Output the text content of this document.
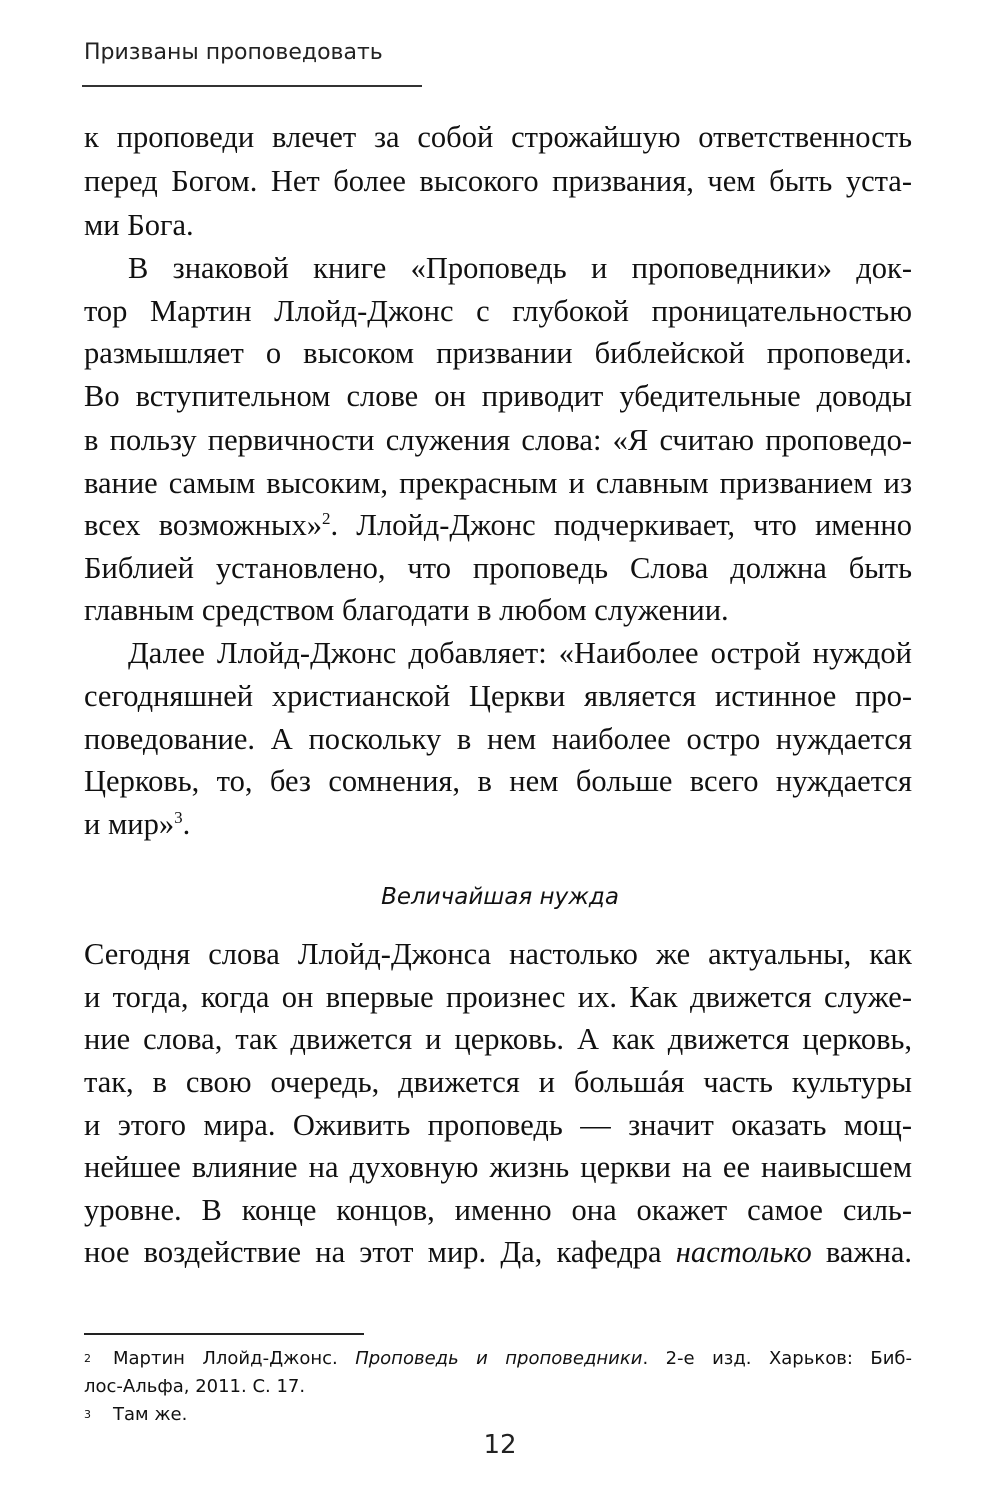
Призваны проповедовать
к проповеди влечет за собой строжайшую ответственность
перед Богом. Нет более высокого призвания, чем быть уста-
ми Бога.
В знаковой книге «Проповедь и проповедники» док-
тор Мартин Ллойд-Джонс с глубокой проницательностью
размышляет о высоком призвании библейской проповеди.
Во вступительном слове он приводит убедительные доводы
в пользу первичности служения слова: «Я считаю проповедо-
вание самым высоким, прекрасным и славным призванием из
всех возможных»$^2$. Ллойд-Джонс подчеркивает, что именно
Библией установлено, что проповедь Слова должна быть
главным средством благодати в любом служении.
Далее Ллойд-Джонс добавляет: «Наиболее острой нуждой
сегодняшней христианской Церкви является истинное про-
поведование. А поскольку в нем наиболее остро нуждается
Церковь, то, без сомнения, в нем больше всего нуждается
и мир»$^3$.
Сегодня слова Ллойд-Джонса настолько же актуальны, как
и тогда, когда он впервые произнес их. Как движется служе-
ние слова, так движется и церковь. А как движется церковь,
так, в свою очередь, движется и большáя часть культуры
и этого мира. Оживить проповедь — значит оказать мощ-
нейшее влияние на духовную жизнь церкви на ее наивысшем
уровне. В конце концов, именно она окажет самое силь-
ное воздействие на этот мир. Да, кафедра настолько важна.
Величайшая нужда
$^2$ Мартин Ллойд-Джонс. Проповедь и проповедники. 2-е изд. Харьков: Биб-
лос-Альфа, 2011. С. 17.
$^3$ Там же.
12
